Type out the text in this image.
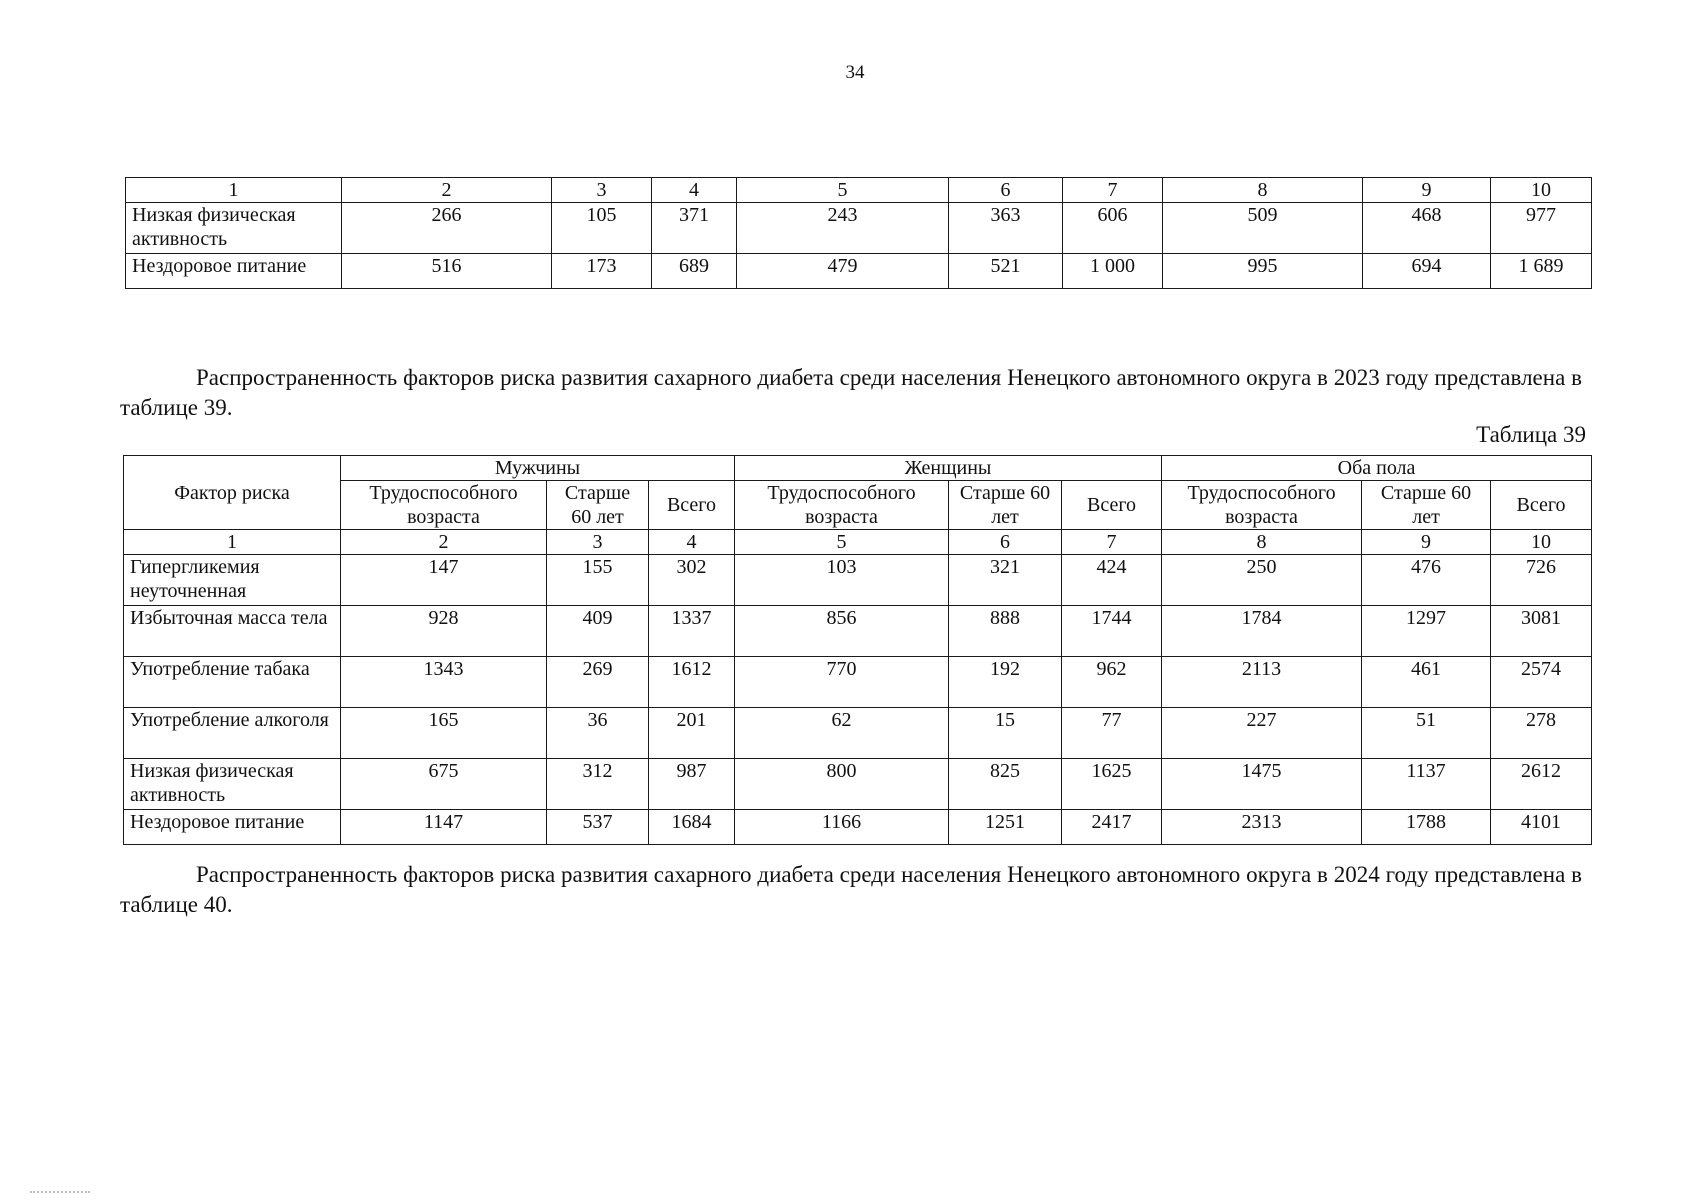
34
1	2	3	4	5	6	7	8	9	10
Низкая физическая активность	266	105	371	243	363	606	509	468	977
Нездоровое питание	516	173	689	479	521	1 000	995	694	1 689
Распространенность факторов риска развития сахарного диабета среди населения Ненецкого автономного округа в 2023 году представлена в таблице 39.
Таблица 39
Фактор риска	Мужчины			Женщины			Оба пола		
	Трудоспособного возраста	Старше 60 лет	Всего	Трудоспособного возраста	Старше 60 лет	Всего	Трудоспособного возраста	Старше 60 лет	Всего
1	2	3	4	5	6	7	8	9	10
Гипергликемия неуточненная	147	155	302	103	321	424	250	476	726
Избыточная масса тела	928	409	1337	856	888	1744	1784	1297	3081
Употребление табака	1343	269	1612	770	192	962	2113	461	2574
Употребление алкоголя	165	36	201	62	15	77	227	51	278
Низкая физическая активность	675	312	987	800	825	1625	1475	1137	2612
Нездоровое питание	1147	537	1684	1166	1251	2417	2313	1788	4101
Распространенность факторов риска развития сахарного диабета среди населения Ненецкого автономного округа в 2024 году представлена в таблице 40.
